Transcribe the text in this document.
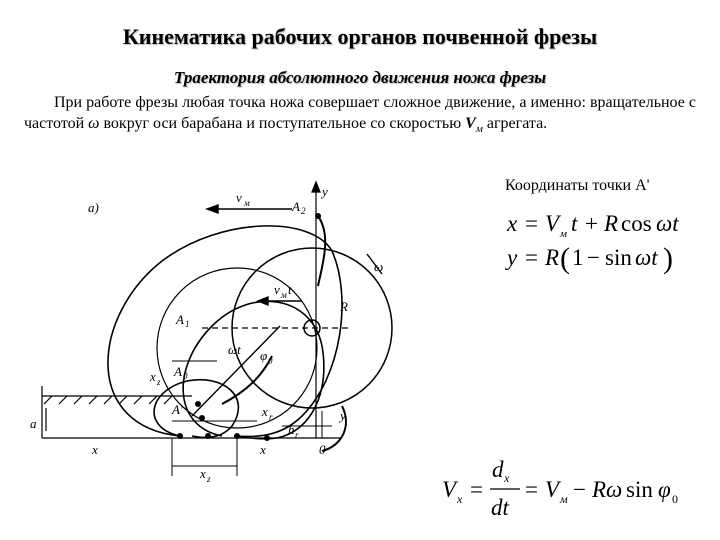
Кинематика рабочих органов почвенной фрезы
Траектория абсолютного движения ножа фрезы
При работе фрезы любая точка ножа совершает сложное движение, а именно: вращательное с частотой ω вокруг оси барабана и поступательное со скоростью $V_м$ агрегата.
Координаты точки А'
x = V м t + R cos ωt
y = R ( 1 − sin ωt )
V x =
d x
dt
= V м − Rω sin φ 0
a)
v м	A 2
y
ω
v м t
R
A 1
ωt φ 0
x z
A 0
A'	x r	y
a	h r
x	x	0
x z
